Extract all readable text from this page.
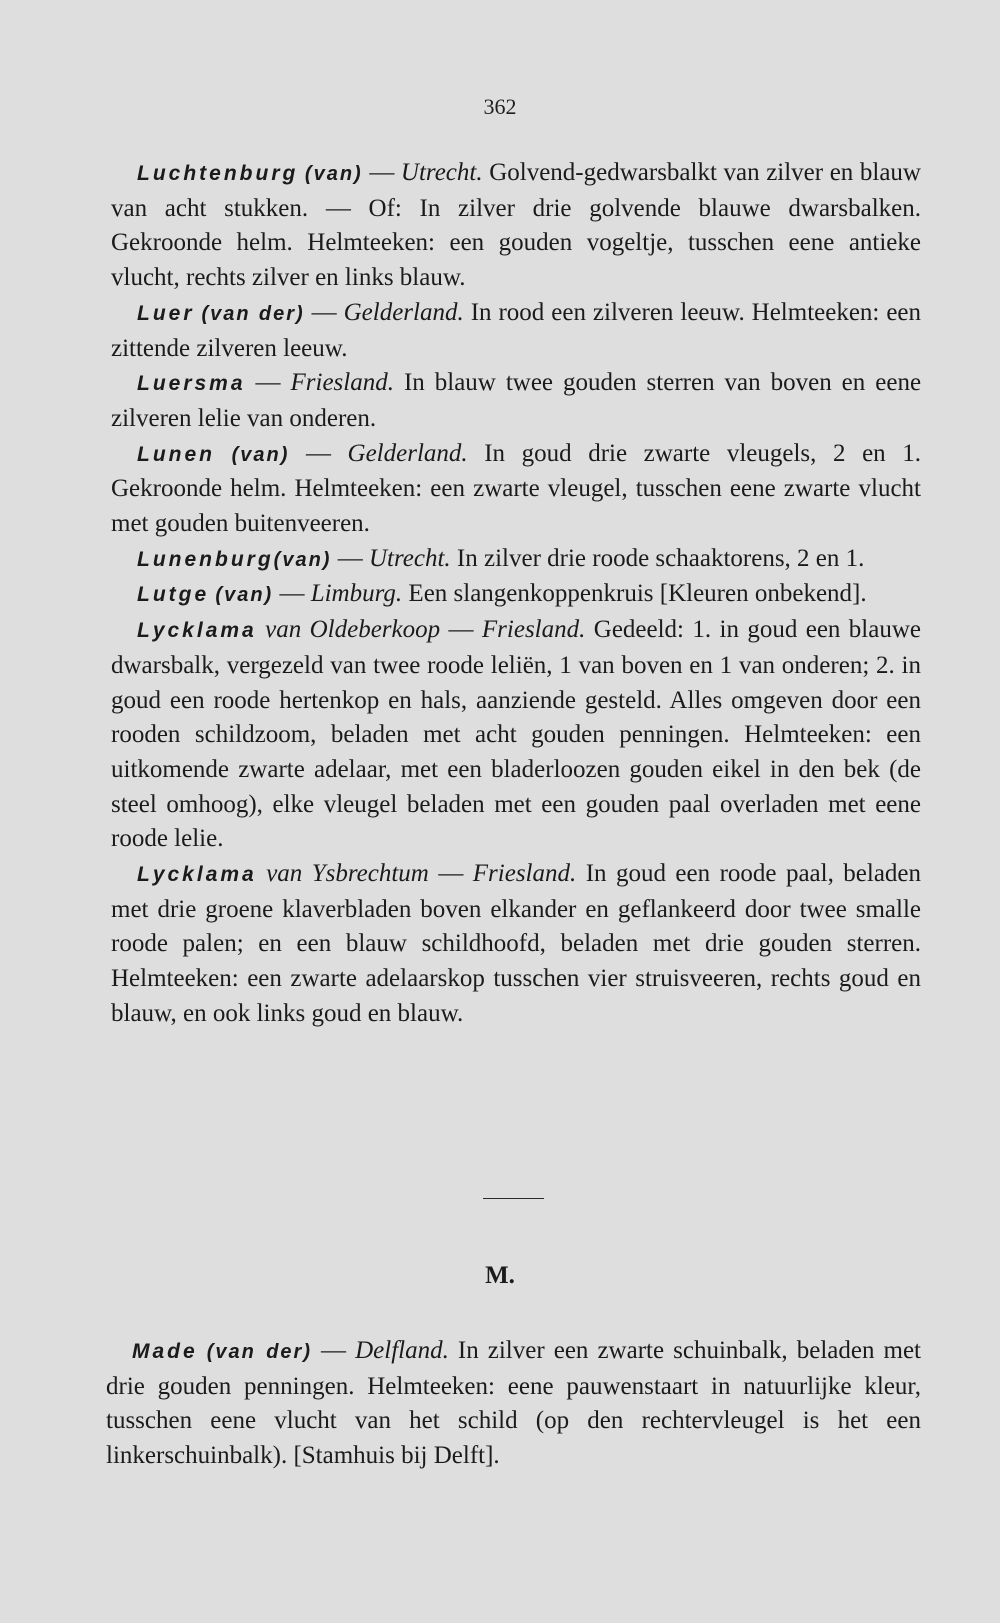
362

Luchtenburg (van) — Utrecht. Golvend-gedwarsbalkt van zilver en blauw van acht stukken. — Of: In zilver drie golvende blauwe dwarsbalken. Gekroonde helm. Helmteeken: een gouden vogeltje, tusschen eene antieke vlucht, rechts zilver en links blauw.

Luer (van der) — Gelderland. In rood een zilveren leeuw. Helmteeken: een zittende zilveren leeuw.

Luersma — Friesland. In blauw twee gouden sterren van boven en eene zilveren lelie van onderen.

Lunen (van) — Gelderland. In goud drie zwarte vleugels, 2 en 1. Gekroonde helm. Helmteeken: een zwarte vleugel, tusschen eene zwarte vlucht met gouden buitenveeren.

Lunenburg(van) — Utrecht. In zilver drie roode schaaktorens, 2 en 1.

Lutge (van) — Limburg. Een slangenkoppenkruis [Kleuren onbekend].

Lycklama van Oldeberkoop — Friesland. Gedeeld: 1. in goud een blauwe dwarsbalk, vergezeld van twee roode leliën, 1 van boven en 1 van onderen; 2. in goud een roode hertenkop en hals, aanziende gesteld. Alles omgeven door een rooden schildzoom, beladen met acht gouden penningen. Helmteeken: een uitkomende zwarte adelaar, met een bladerloozen gouden eikel in den bek (de steel omhoog), elke vleugel beladen met een gouden paal overladen met eene roode lelie.

Lycklama van Ysbrechtum — Friesland. In goud een roode paal, beladen met drie groene klaverbladen boven elkander en geflankeerd door twee smalle roode palen; en een blauw schildhoofd, beladen met drie gouden sterren. Helmteeken: een zwarte adelaarskop tusschen vier struisveeren, rechts goud en blauw, en ook links goud en blauw.

M.

Made (van der) — Delfland. In zilver een zwarte schuinbalk, beladen met drie gouden penningen. Helmteeken: eene pauwenstaart in natuurlijke kleur, tusschen eene vlucht van het schild (op den rechtervleugel is het een linkerschuinbalk). [Stamhuis bij Delft].
